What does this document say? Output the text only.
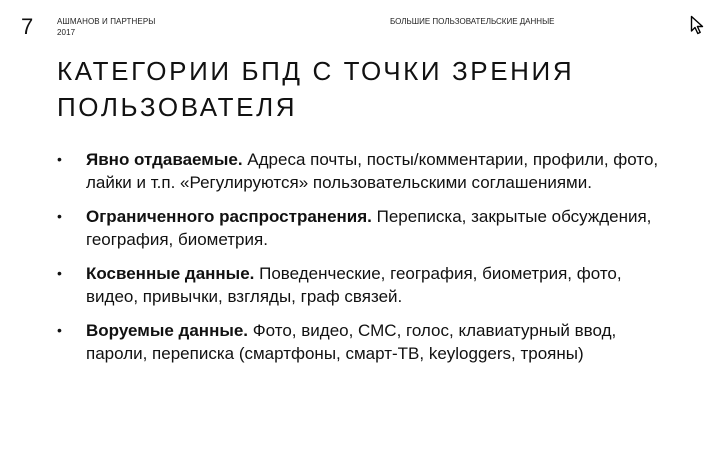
7	АШМАНОВ И ПАРТНЕРЫ
2017
БОЛЬШИЕ ПОЛЬЗОВАТЕЛЬСКИЕ ДАННЫЕ
КАТЕГОРИИ БПД С ТОЧКИ ЗРЕНИЯ
ПОЛЬЗОВАТЕЛЯ
• Явно отдаваемые. Адреса почты, посты/комментарии, профили, фото, лайки и т.п. «Регулируются» пользовательскими соглашениями.
• Ограниченного распространения. Переписка, закрытые обсуждения, география, биометрия.
• Косвенные данные. Поведенческие, география, биометрия, фото, видео, привычки, взгляды, граф связей.
• Воруемые данные. Фото, видео, СМС, голос, клавиатурный ввод, пароли, переписка (смартфоны, смарт-ТВ, keyloggers, трояны)
